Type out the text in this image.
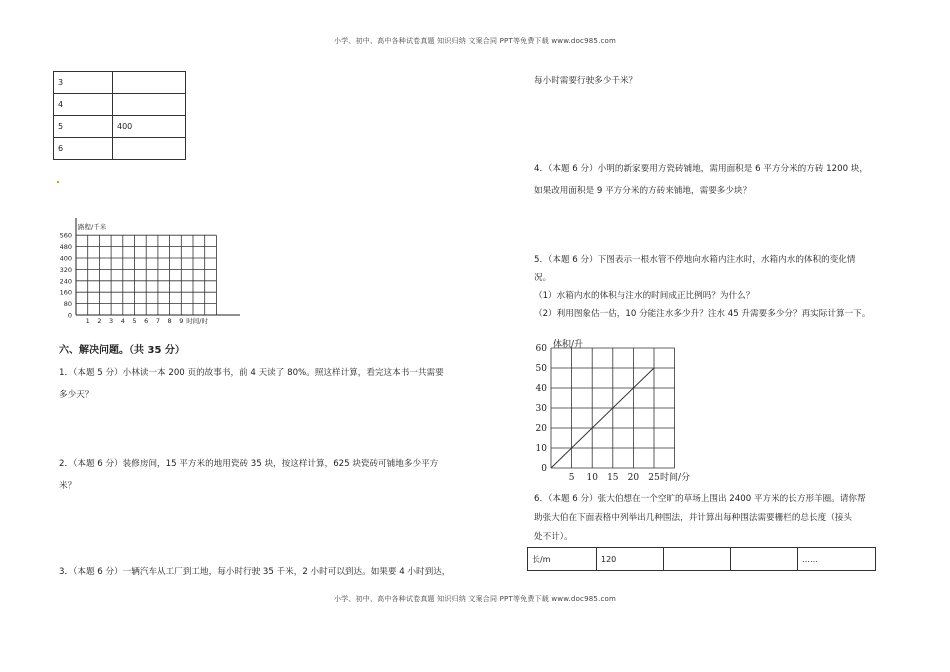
小学、初中、高中各种试卷真题 知识归纳 文案合同 PPT等免费下载 www.doc985.com
小学、初中、高中各种试卷真题 知识归纳 文案合同 PPT等免费下载 www.doc985.com
3	
4	
5	400
6	
560
480
400
320
240
160
80
0
1 2 3 4 5 6 7 8 9
路程/千米
时间/时
六、解决问题。（共 35 分）
1．（本题 5 分）小林读一本 200 页的故事书，前 4 天读了 80%。照这样计算，看完这本书一共需要
多少天？
2．（本题 6 分）装修房间，15 平方米的地用瓷砖 35 块，按这样计算，625 块瓷砖可铺地多少平方
米？
3．（本题 6 分）一辆汽车从工厂到工地，每小时行驶 35 千米，2 小时可以到达。如果要 4 小时到达，
每小时需要行驶多少千米？
4．（本题 6 分）小明的新家要用方瓷砖铺地，需用面积是 6 平方分米的方砖 1200 块，
如果改用面积是 9 平方分米的方砖来铺地，需要多少块？
5．（本题 6 分）下图表示一根水管不停地向水箱内注水时，水箱内水的体积的变化情
况。
（1）水箱内水的体积与注水的时间成正比例吗？为什么？
（2）利用图象估一估，10 分能注水多少升？注水 45 升需要多少分？再实际计算一下。
60
50
40
30
20
10
0
5 10 15 20 25
体积/升
时间/分
6．（本题 6 分）张大伯想在一个空旷的草场上围出 2400 平方米的长方形羊圈。请你帮
助张大伯在下面表格中列举出几种围法，并计算出每种围法需要栅栏的总长度（接头
处不计）。
长/m	120			……
